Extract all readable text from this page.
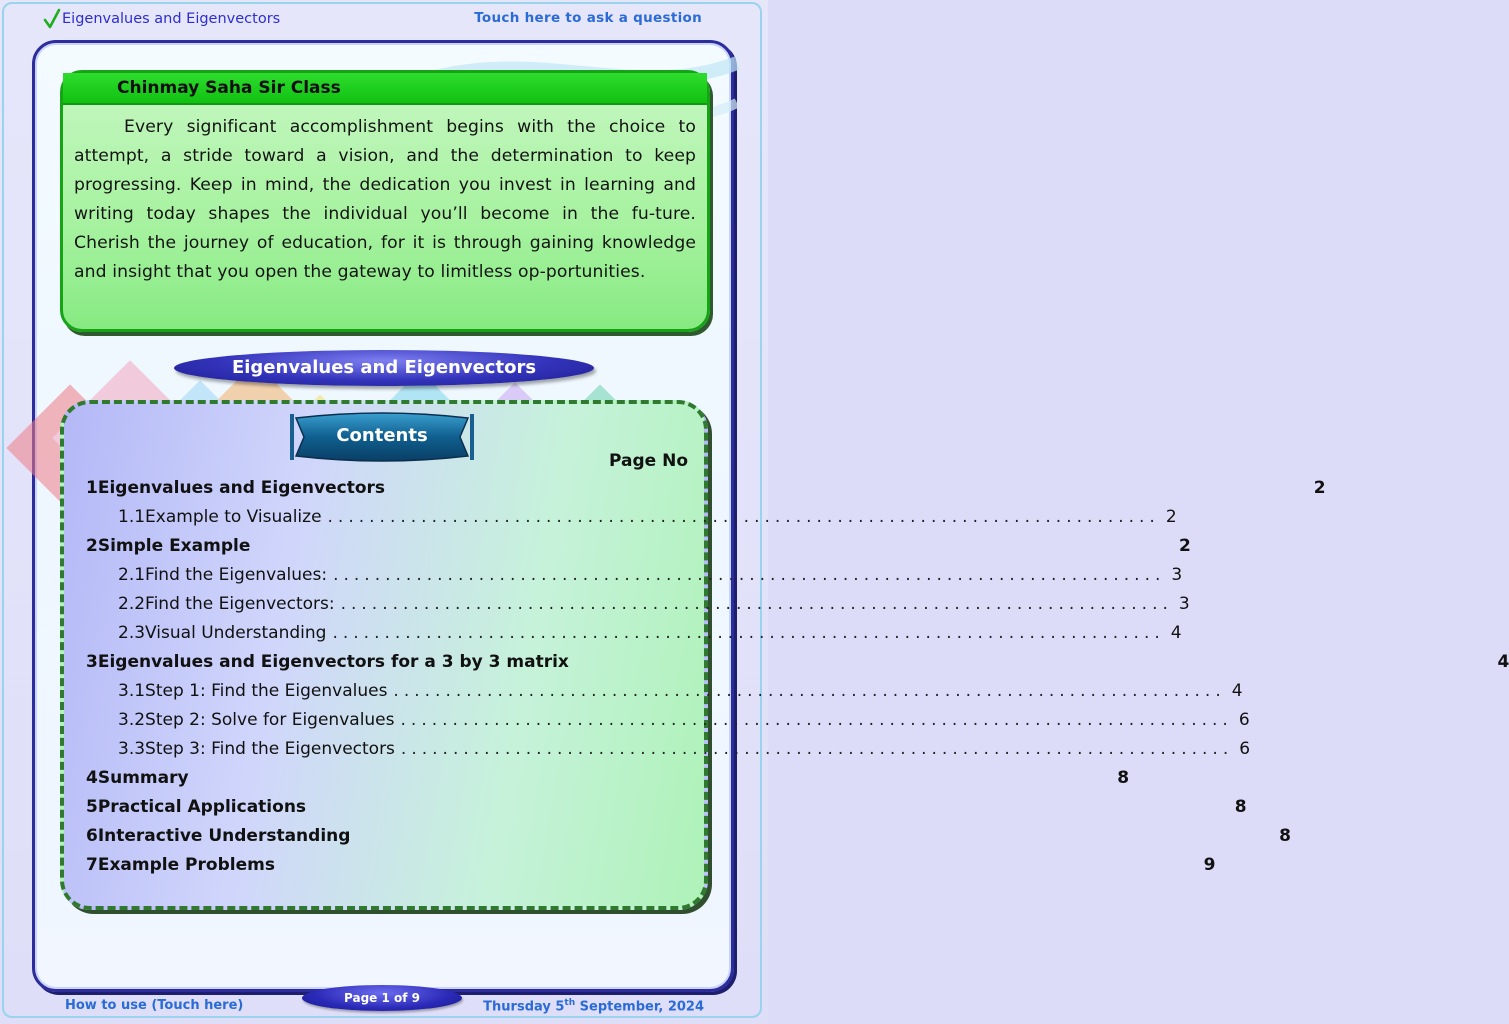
Eigenvalues and Eigenvectors	Touch here to ask a question
Chinmay Saha Sir Class
Every significant accomplishment begins with the choice to attempt, a stride toward a vision, and the determination to keep progressing. Keep in mind, the dedication you invest in learning and writing today shapes the individual you’ll become in the fu-ture. Cherish the journey of education, for it is through gaining knowledge and insight that you open the gateway to limitless op-portunities.
Eigenvalues and Eigenvectors
Contents
Page No
1 Eigenvalues and Eigenvectors	2
1.1 Example to Visualize ................................................................................ 2
2 Simple Example	2
2.1 Find the Eigenvalues: ................................................................................ 3
2.2 Find the Eigenvectors: ................................................................................ 3
2.3 Visual Understanding ................................................................................ 4
3 Eigenvalues and Eigenvectors for a 3 by 3 matrix	4
3.1 Step 1: Find the Eigenvalues ................................................................................ 4
3.2 Step 2: Solve for Eigenvalues ................................................................................ 6
3.3 Step 3: Find the Eigenvectors ................................................................................ 6
4 Summary	8
5 Practical Applications	8
6 Interactive Understanding	8
7 Example Problems	9
How to use (Touch here)	Page 1 of 9
Thursday 5th September, 2024
